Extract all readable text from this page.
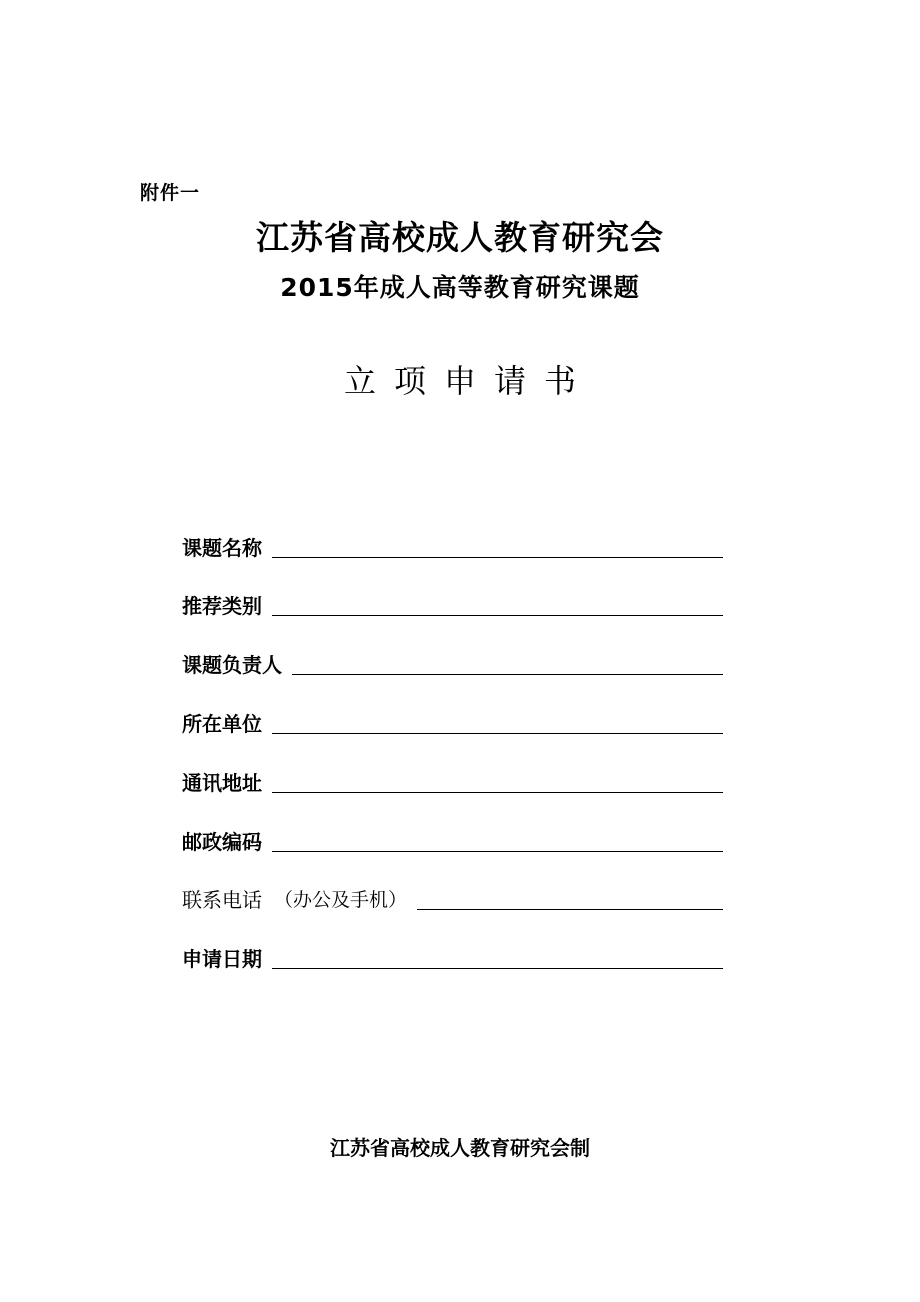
附件一
江苏省高校成人教育研究会
2015年成人高等教育研究课题
立项申请书
课题名称
推荐类别
课题负责人
所在单位
通讯地址
邮政编码
联系电话 （办公及手机）
申请日期
江苏省高校成人教育研究会制
